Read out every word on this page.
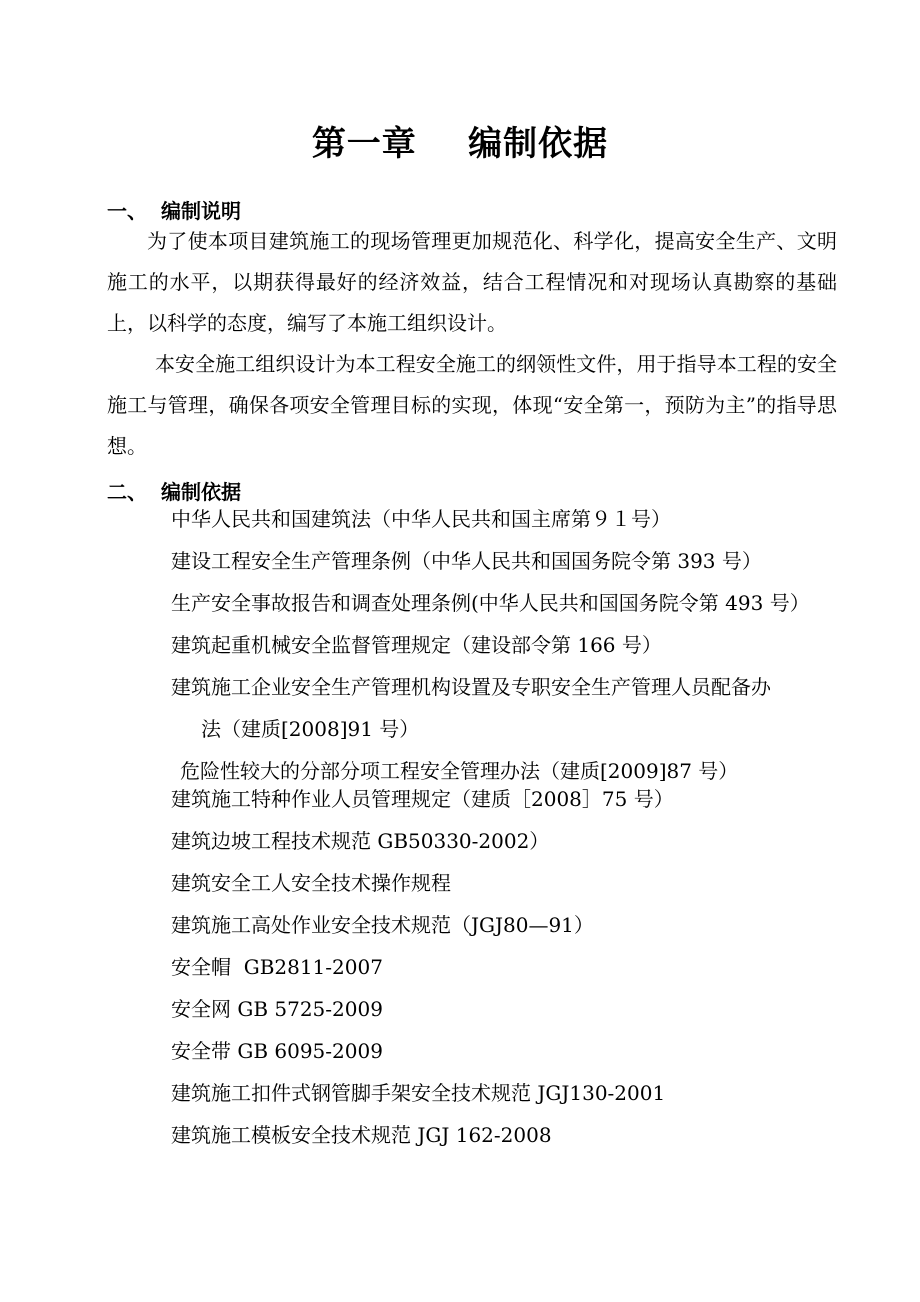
第一章    编制依据
一、 编制说明

为了使本项目建筑施工的现场管理更加规范化、科学化，提高安全生产、文明施工的水平，以期获得最好的经济效益，结合工程情况和对现场认真勘察的基础上，以科学的态度，编写了本施工组织设计。

本安全施工组织设计为本工程安全施工的纲领性文件，用于指导本工程的安全施工与管理，确保各项安全管理目标的实现，体现“安全第一，预防为主”的指导思想。

二、 编制依据

中华人民共和国建筑法（中华人民共和国主席第９１号）

建设工程安全生产管理条例（中华人民共和国国务院令第 393 号）

生产安全事故报告和调查处理条例(中华人民共和国国务院令第 493 号）

建筑起重机械安全监督管理规定（建设部令第 166 号）

建筑施工企业安全生产管理机构设置及专职安全生产管理人员配备办

法（建质[2008]91 号）

危险性较大的分部分项工程安全管理办法（建质[2009]87 号）

建筑施工特种作业人员管理规定（建质［2008］75 号）

建筑边坡工程技术规范 GB50330-2002）

建筑安全工人安全技术操作规程

建筑施工高处作业安全技术规范（JGJ80—91）

安全帽  GB2811-2007

安全网 GB 5725-2009

安全带 GB 6095-2009

建筑施工扣件式钢管脚手架安全技术规范 JGJ130-2001

建筑施工模板安全技术规范 JGJ 162-2008
